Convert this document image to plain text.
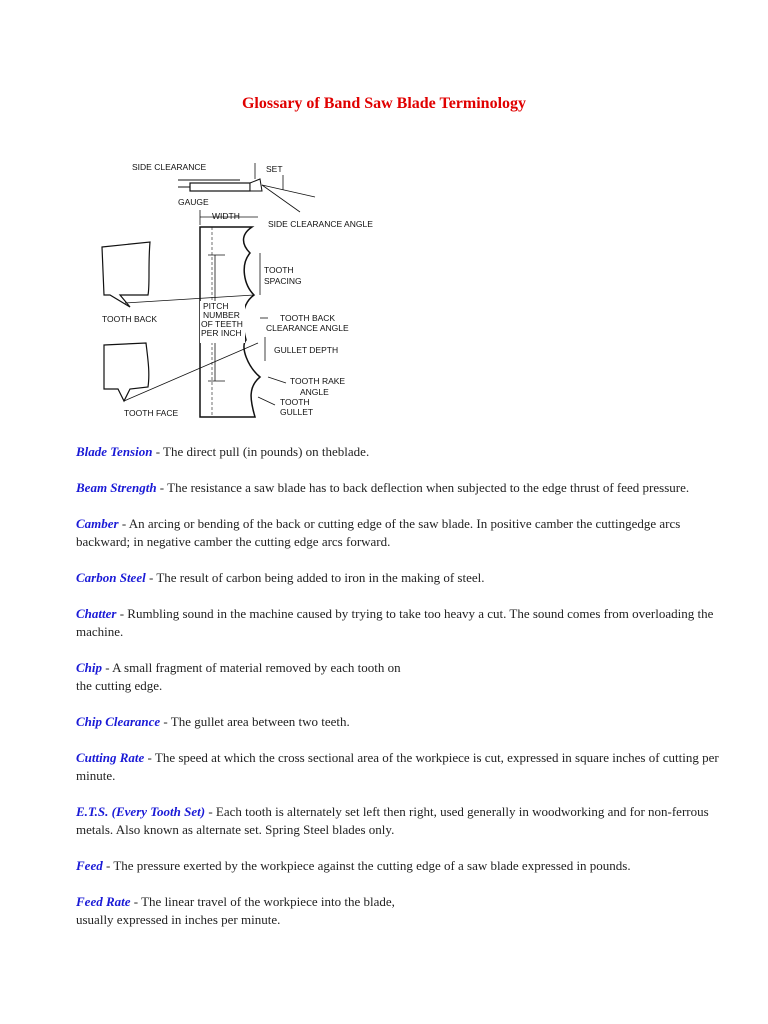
Glossary of Band Saw Blade Terminology
SIDE CLEARANCE	SET
GAUGE
WIDTH
SIDE CLEARANCE ANGLE
TOOTH
SPACING
PITCH
NUMBER
OF TEETH
PER INCH
TOOTH BACK	TOOTH BACK
CLEARANCE ANGLE
GULLET DEPTH
TOOTH RAKE
ANGLE
TOOTH
GULLET
TOOTH FACE

Blade Tension - The direct pull (in pounds) on theblade.

Beam Strength - The resistance a saw blade has to back deflection when subjected to the edge thrust of feed pressure.

Camber - An arcing or bending of the back or cutting edge of the saw blade. In positive camber the cuttingedge arcs backward; in negative camber the cutting edge arcs forward.

Carbon Steel - The result of carbon being added to iron in the making of steel.

Chatter - Rumbling sound in the machine caused by trying to take too heavy a cut. The sound comes from overloading the machine.

Chip - A small fragment of material removed by each tooth on the cutting edge.

Chip Clearance - The gullet area between two teeth.

Cutting Rate - The speed at which the cross sectional area of the workpiece is cut, expressed in square inches of cutting per minute.

E.T.S. (Every Tooth Set) - Each tooth is alternately set left then right, used generally in woodworking and for non-ferrous metals. Also known as alternate set. Spring Steel blades only.

Feed - The pressure exerted by the workpiece against the cutting edge of a saw blade expressed in pounds.

Feed Rate - The linear travel of the workpiece into the blade, usually expressed in inches per minute.
